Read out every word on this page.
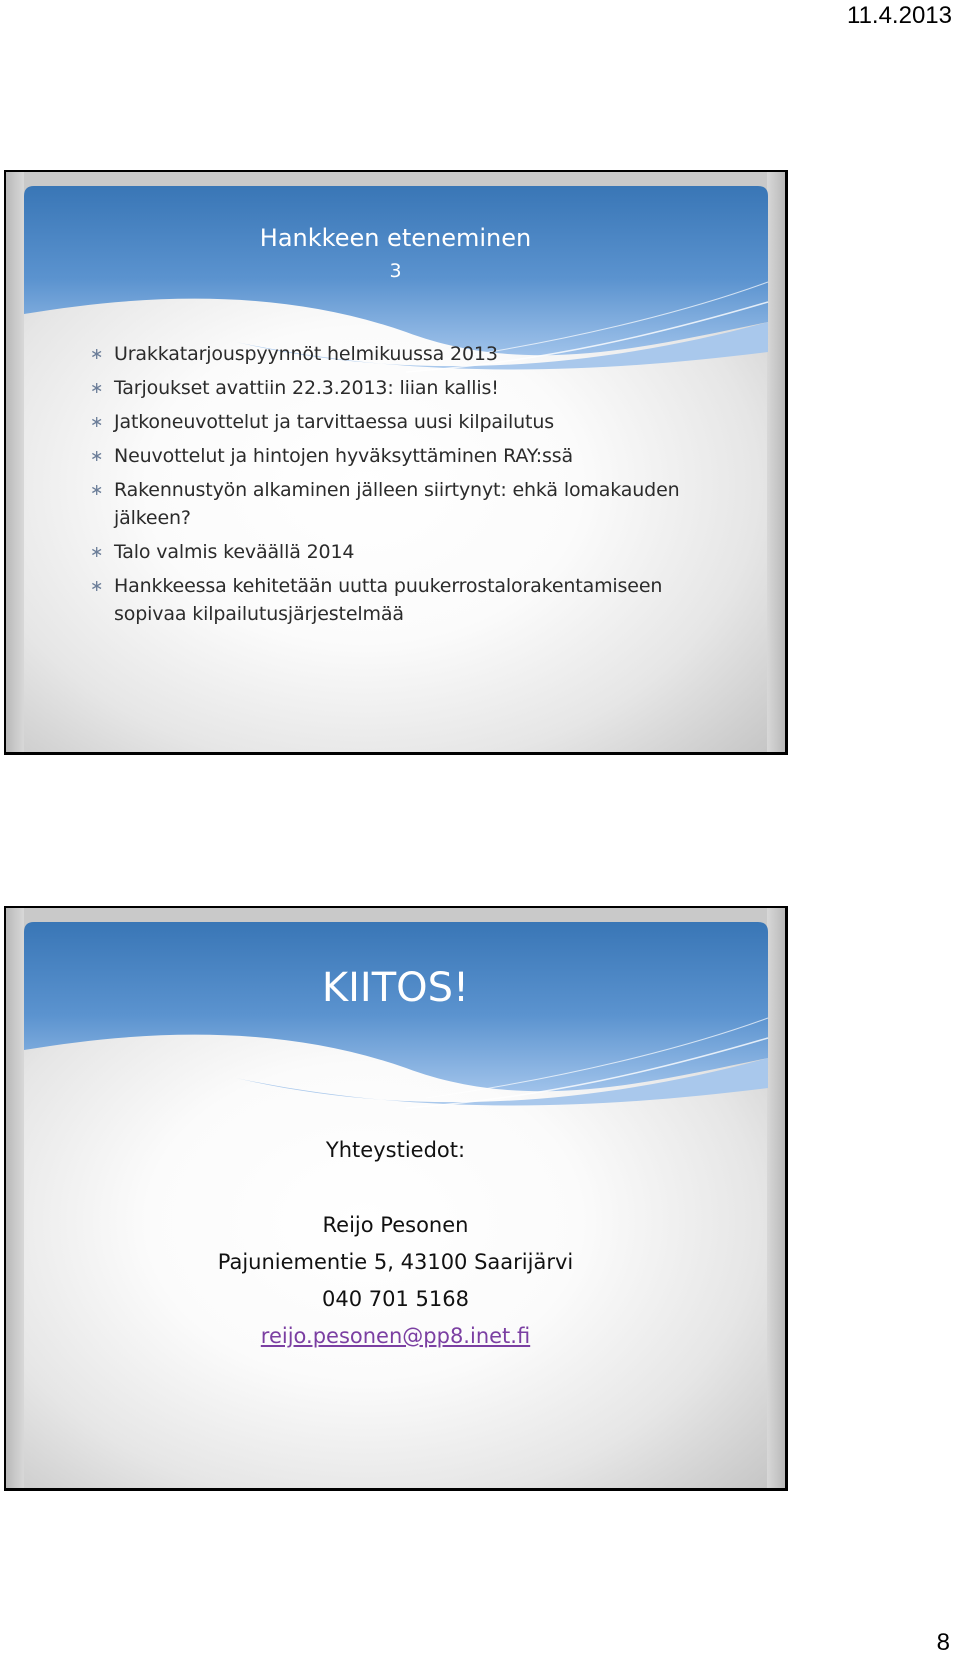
11.4.2013
Hankkeen eteneminen
3
∗ Urakkatarjouspyynnöt helmikuussa 2013
∗ Tarjoukset avattiin 22.3.2013: liian kallis!
∗ Jatkoneuvottelut ja tarvittaessa uusi kilpailutus
∗ Neuvottelut ja hintojen hyväksyttäminen RAY:ssä
∗ Rakennustyön alkaminen jälleen siirtynyt: ehkä lomakauden jälkeen?
∗ Talo valmis keväällä 2014
∗ Hankkeessa kehitetään uutta puukerrostalorakentamiseen sopivaa kilpailutusjärjestelmää
KIITOS!
Yhteystiedot:
Reijo Pesonen
Pajuniementie 5, 43100 Saarijärvi
040 701 5168
reijo.pesonen@pp8.inet.fi
8
